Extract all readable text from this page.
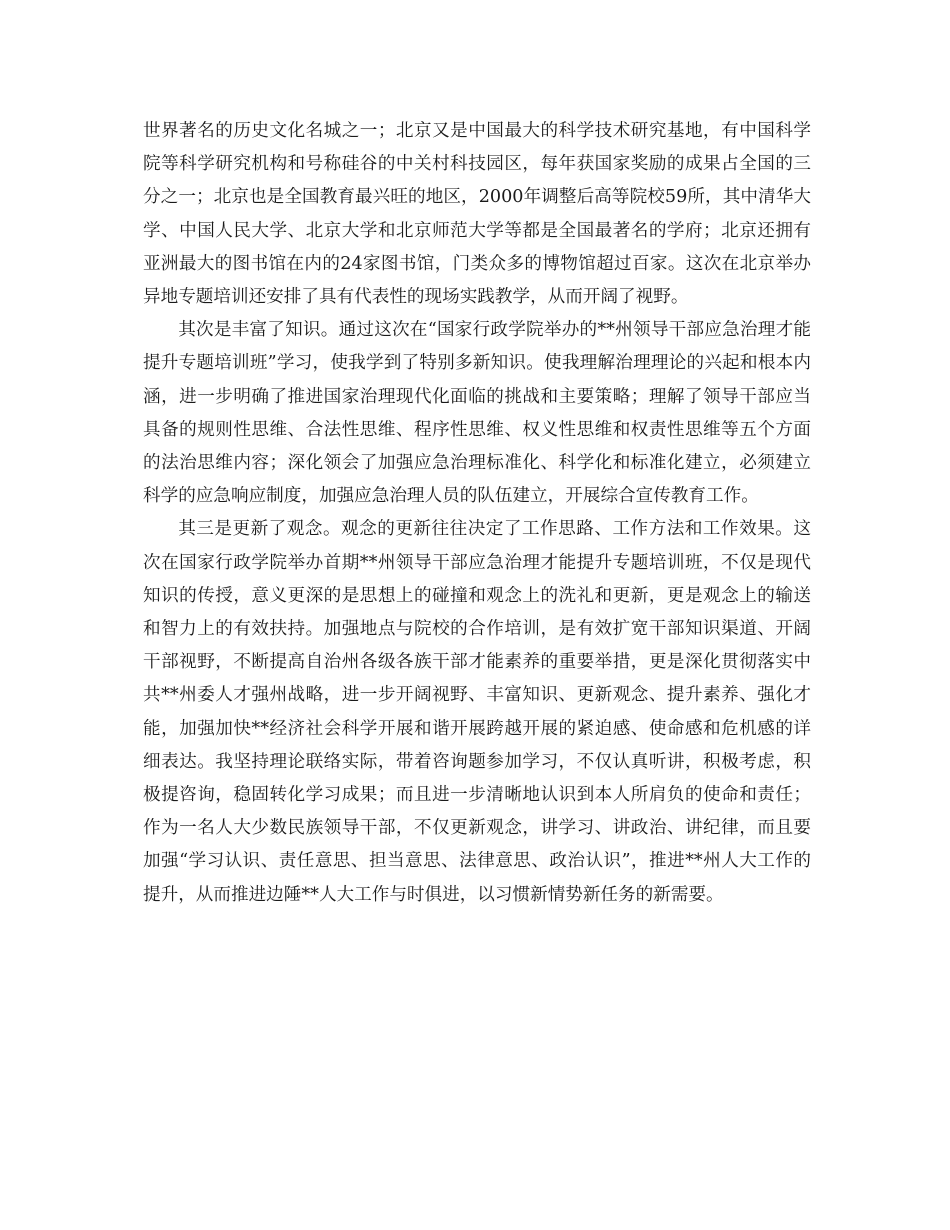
世界著名的历史文化名城之一；北京又是中国最大的科学技术研究基地，有中国科学院等科学研究机构和号称硅谷的中关村科技园区，每年获国家奖励的成果占全国的三分之一；北京也是全国教育最兴旺的地区，2000年调整后高等院校59所，其中清华大学、中国人民大学、北京大学和北京师范大学等都是全国最著名的学府；北京还拥有亚洲最大的图书馆在内的24家图书馆，门类众多的博物馆超过百家。这次在北京举办异地专题培训还安排了具有代表性的现场实践教学，从而开阔了视野。

其次是丰富了知识。通过这次在“国家行政学院举办的**州领导干部应急治理才能提升专题培训班”学习，使我学到了特别多新知识。使我理解治理理论的兴起和根本内涵，进一步明确了推进国家治理现代化面临的挑战和主要策略；理解了领导干部应当具备的规则性思维、合法性思维、程序性思维、权义性思维和权责性思维等五个方面的法治思维内容；深化领会了加强应急治理标准化、科学化和标准化建立，必须建立科学的应急响应制度，加强应急治理人员的队伍建立，开展综合宣传教育工作。

其三是更新了观念。观念的更新往往决定了工作思路、工作方法和工作效果。这次在国家行政学院举办首期**州领导干部应急治理才能提升专题培训班，不仅是现代知识的传授，意义更深的是思想上的碰撞和观念上的洗礼和更新，更是观念上的输送和智力上的有效扶持。加强地点与院校的合作培训，是有效扩宽干部知识渠道、开阔干部视野，不断提高自治州各级各族干部才能素养的重要举措，更是深化贯彻落实中共**州委人才强州战略，进一步开阔视野、丰富知识、更新观念、提升素养、强化才能，加强加快**经济社会科学开展和谐开展跨越开展的紧迫感、使命感和危机感的详细表达。我坚持理论联络实际，带着咨询题参加学习，不仅认真听讲，积极考虑，积极提咨询，稳固转化学习成果；而且进一步清晰地认识到本人所肩负的使命和责任；作为一名人大少数民族领导干部，不仅更新观念，讲学习、讲政治、讲纪律，而且要加强“学习认识、责任意思、担当意思、法律意思、政治认识”，推进**州人大工作的提升，从而推进边陲**人大工作与时俱进，以习惯新情势新任务的新需要。
